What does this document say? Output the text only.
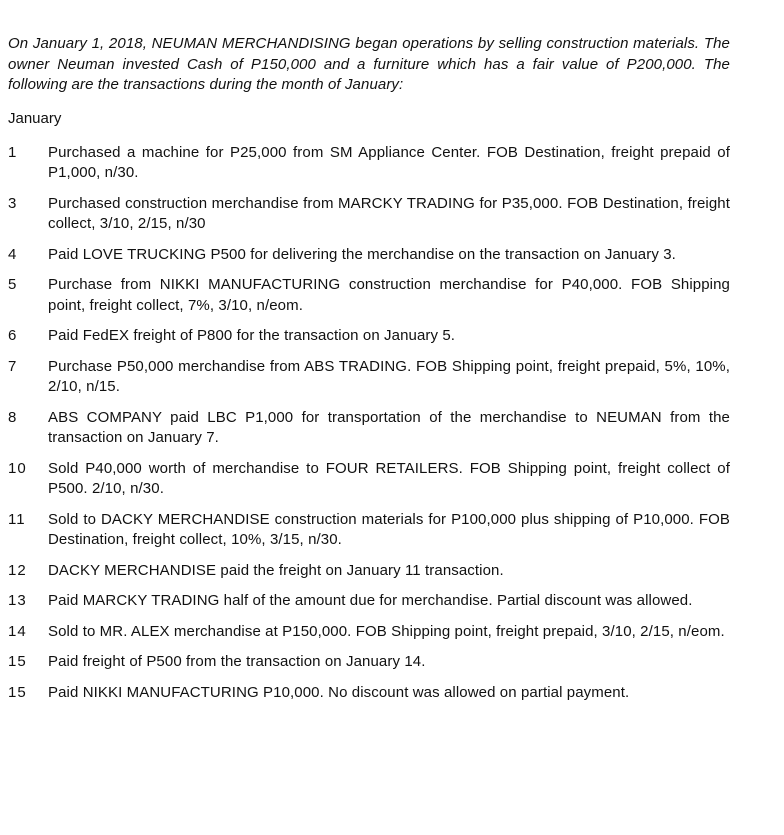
On January 1, 2018, NEUMAN MERCHANDISING began operations by selling construction materials. The owner Neuman invested Cash of P150,000 and a furniture which has a fair value of P200,000. The following are the transactions during the month of January:

January
1	Purchased a machine for P25,000 from SM Appliance Center. FOB Destination, freight prepaid of P1,000, n/30.
3	Purchased construction merchandise from MARCKY TRADING for P35,000. FOB Destination, freight collect, 3/10, 2/15, n/30
4	Paid LOVE TRUCKING P500 for delivering the merchandise on the transaction on January 3.
5	Purchase from NIKKI MANUFACTURING construction merchandise for P40,000. FOB Shipping point, freight collect, 7%, 3/10, n/eom.
6	Paid FedEX freight of P800 for the transaction on January 5.
7	Purchase P50,000 merchandise from ABS TRADING. FOB Shipping point, freight prepaid, 5%, 10%, 2/10, n/15.
8	ABS COMPANY paid LBC P1,000 for transportation of the merchandise to NEUMAN from the transaction on January 7.
10	Sold P40,000 worth of merchandise to FOUR RETAILERS. FOB Shipping point, freight collect of P500. 2/10, n/30.
11	Sold to DACKY MERCHANDISE construction materials for P100,000 plus shipping of P10,000. FOB Destination, freight collect, 10%, 3/15, n/30.
12	DACKY MERCHANDISE paid the freight on January 11 transaction.
13	Paid MARCKY TRADING half of the amount due for merchandise. Partial discount was allowed.
14	Sold to MR. ALEX merchandise at P150,000. FOB Shipping point, freight prepaid, 3/10, 2/15, n/eom.
15	Paid freight of P500 from the transaction on January 14.
15	Paid NIKKI MANUFACTURING P10,000. No discount was allowed on partial payment.
